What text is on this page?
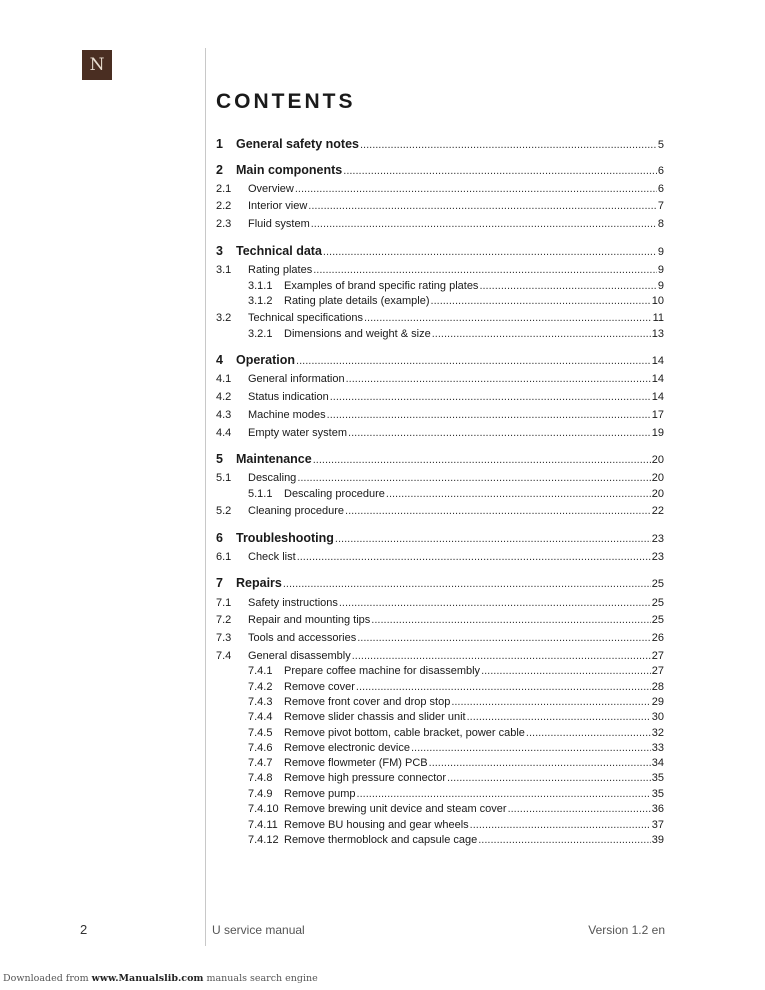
N
CONTENTS
1	General safety notes .....	5
2	Main components .....	6
2.1	Overview .....	6
2.2	Interior view .....	7
2.3	Fluid system .....	8
3	Technical data .....	9
3.1	Rating plates .....	9
3.1.1	Examples of brand specific rating plates .....	9
3.1.2	Rating plate details (example) .....	10
3.2	Technical specifications .....	11
3.2.1	Dimensions and weight & size .....	13
4	Operation .....	14
4.1	General information .....	14
4.2	Status indication .....	14
4.3	Machine modes .....	17
4.4	Empty water system .....	19
5	Maintenance .....	20
5.1	Descaling .....	20
5.1.1	Descaling procedure .....	20
5.2	Cleaning procedure .....	22
6	Troubleshooting .....	23
6.1	Check list .....	23
7	Repairs .....	25
7.1	Safety instructions .....	25
7.2	Repair and mounting tips .....	25
7.3	Tools and accessories .....	26
7.4	General disassembly .....	27
7.4.1	Prepare coffee machine for disassembly .....	27
7.4.2	Remove cover .....	28
7.4.3	Remove front cover and drop stop .....	29
7.4.4	Remove slider chassis and slider unit .....	30
7.4.5	Remove pivot bottom, cable bracket, power cable .....	32
7.4.6	Remove electronic device .....	33
7.4.7	Remove flowmeter (FM) PCB .....	34
7.4.8	Remove high pressure connector .....	35
7.4.9	Remove pump .....	35
7.4.10 Remove brewing unit device and steam cover .....	36
7.4.11 Remove BU housing and gear wheels .....	37
7.4.12 Remove thermoblock and capsule cage .....	39
2	U service manual	Version 1.2 en
Downloaded from www.Manualslib.com manuals search engine
